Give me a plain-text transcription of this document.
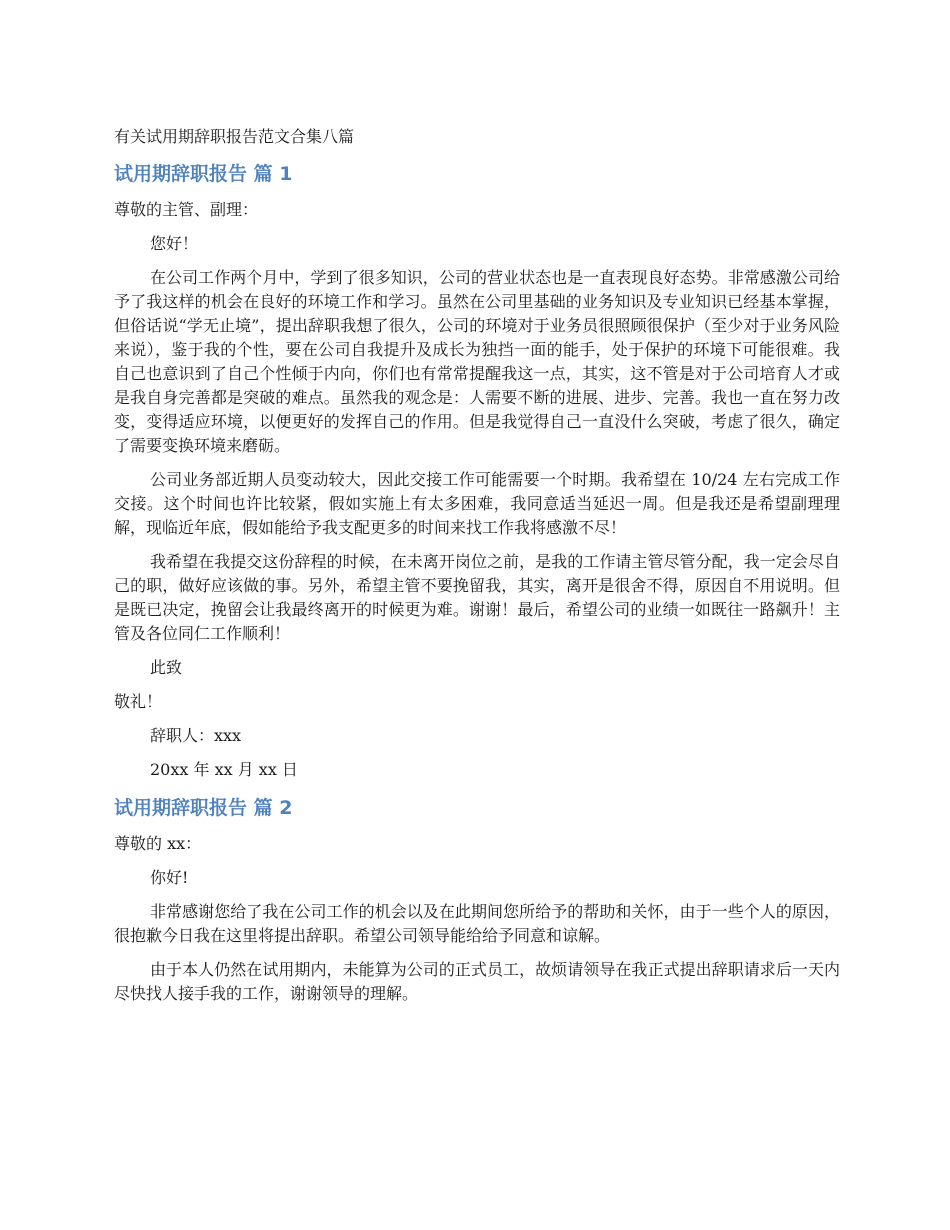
有关试用期辞职报告范文合集八篇
试用期辞职报告 篇 1
尊敬的主管、副理：
您好！
在公司工作两个月中，学到了很多知识，公司的营业状态也是一直表现良好态势。非常感激公司给予了我这样的机会在良好的环境工作和学习。虽然在公司里基础的业务知识及专业知识已经基本掌握，但俗话说“学无止境”，提出辞职我想了很久，公司的环境对于业务员很照顾很保护（至少对于业务风险来说），鉴于我的个性，要在公司自我提升及成长为独挡一面的能手，处于保护的环境下可能很难。我自己也意识到了自己个性倾于内向，你们也有常常提醒我这一点，其实，这不管是对于公司培育人才或是我自身完善都是突破的难点。虽然我的观念是：人需要不断的进展、进步、完善。我也一直在努力改变，变得适应环境，以便更好的发挥自己的作用。但是我觉得自己一直没什么突破，考虑了很久，确定了需要变换环境来磨砺。
公司业务部近期人员变动较大，因此交接工作可能需要一个时期。我希望在 10/24 左右完成工作交接。这个时间也许比较紧，假如实施上有太多困难，我同意适当延迟一周。但是我还是希望副理理解，现临近年底，假如能给予我支配更多的时间来找工作我将感激不尽！
我希望在我提交这份辞程的时候，在未离开岗位之前，是我的工作请主管尽管分配，我一定会尽自己的职，做好应该做的事。另外，希望主管不要挽留我，其实，离开是很舍不得，原因自不用说明。但是既已决定，挽留会让我最终离开的时候更为难。谢谢！最后，希望公司的业绩一如既往一路飙升！主管及各位同仁工作顺利！
此致
敬礼！
辞职人：xxx
20xx 年 xx 月 xx 日
试用期辞职报告 篇 2
尊敬的 xx：
你好!
非常感谢您给了我在公司工作的机会以及在此期间您所给予的帮助和关怀，由于一些个人的原因，很抱歉今日我在这里将提出辞职。希望公司领导能给给予同意和谅解。
由于本人仍然在试用期内，未能算为公司的正式员工，故烦请领导在我正式提出辞职请求后一天内尽快找人接手我的工作，谢谢领导的理解。
